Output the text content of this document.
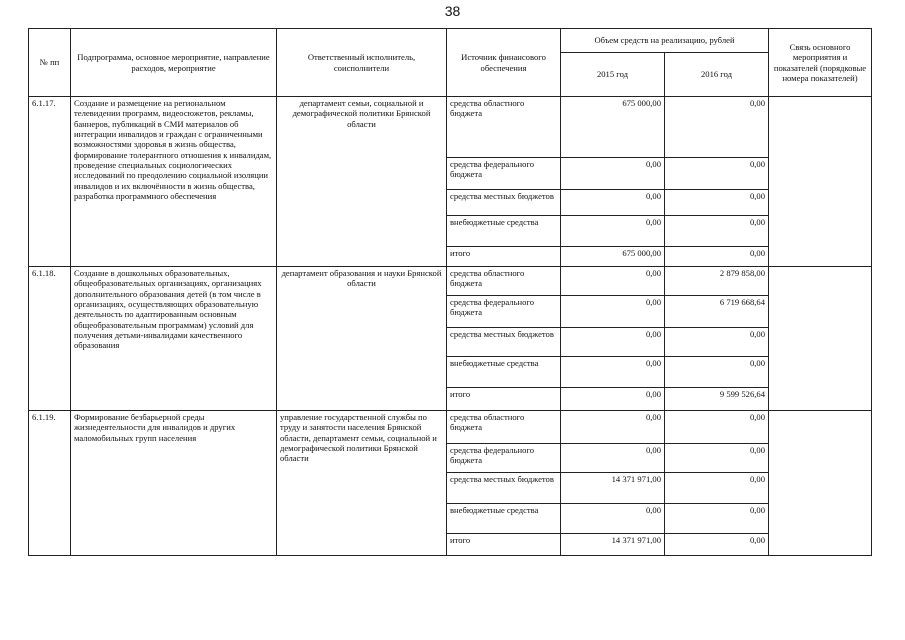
38
№ пп	Подпрограмма, основное мероприятие, направление расходов, мероприятие	Ответственный исполнитель, соисполнители	Источник финансового обеспечения	Объем средств на реализацию, рублей		Связь основного мероприятия и показателей (порядковые номера показателей)
				2015 год	2016 год	
6.1.17.	Создание и размещение на региональном телевидении программ, видеосюжетов, рекламы, баннеров, публикаций в СМИ материалов об интеграции инвалидов и граждан с ограниченными возможностями здоровья в жизнь общества, формирование толерантного отношения к инвалидам, проведение специальных социологических исследований по преодолению социальной изоляции инвалидов и их включённости в жизнь общества, разработка программного обеспечения	департамент семьи, социальной и демографической политики Брянской области	средства областного бюджета	675 000,00	0,00	
			средства федерального бюджета	0,00	0,00	
			средства местных бюджетов	0,00	0,00	
			внебюджетные средства	0,00	0,00	
			итого	675 000,00	0,00	
6.1.18.	Создание в дошкольных образовательных, общеобразовательных организациях, организациях дополнительного образования детей (в том числе в организациях, осуществляющих образовательную деятельность по адаптированным основным общеобразовательным программам) условий для получения детьми-инвалидами качественного образования	департамент образования и науки Брянской области	средства областного бюджета	0,00	2 879 858,00	
			средства федерального бюджета	0,00	6 719 668,64	
			средства местных бюджетов	0,00	0,00	
			внебюджетные средства	0,00	0,00	
			итого	0,00	9 599 526,64	
6.1.19.	Формирование безбарьерной среды жизнедеятельности для инвалидов и других маломобильных групп населения	управление государственной службы по труду и занятости населения Брянской области, департамент семьи, социальной и демографической политики Брянской области	средства областного бюджета	0,00	0,00	
			средства федерального бюджета	0,00	0,00	
			средства местных бюджетов	14 371 971,00	0,00	
			внебюджетные средства	0,00	0,00	
			итого	14 371 971,00	0,00	
